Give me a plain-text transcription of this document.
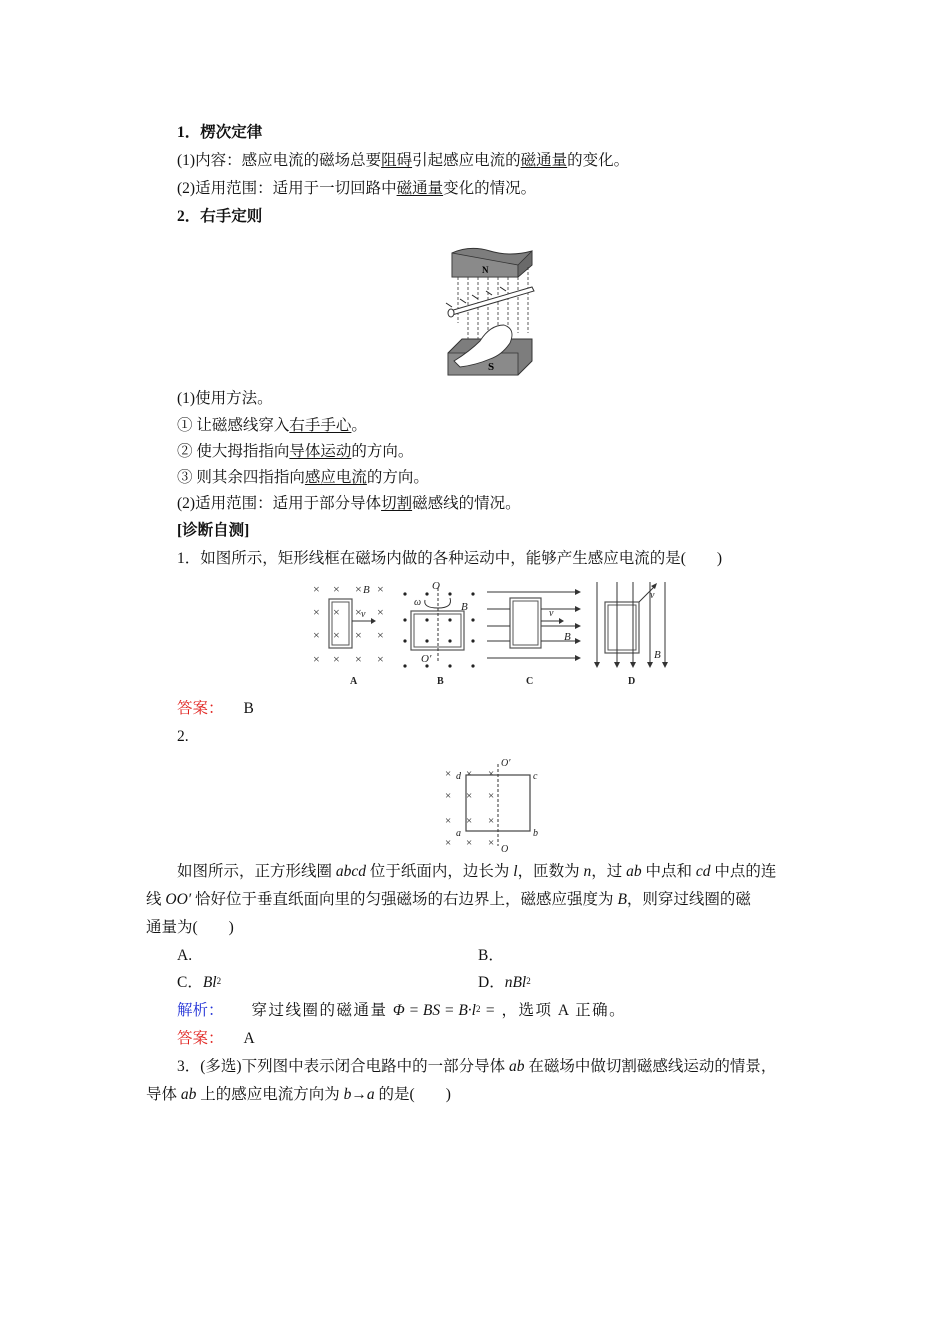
1．楞次定律
(1)内容：感应电流的磁场总要阻碍引起感应电流的磁通量的变化。
(2)适用范围：适用于一切回路中磁通量变化的情况。
2．右手定则
N
S
(1)使用方法。
① 让磁感线穿入右手手心。
② 使大拇指指向导体运动的方向。
③ 则其余四指指向感应电流的方向。
(2)适用范围：适用于部分导体切割磁感线的情况。
[诊断自测]
1．如图所示，矩形线框在磁场内做的各种运动中，能够产生感应电流的是(　　)
× × × ×
× × × ×
× × × ×
× × × ×
B
v
A
O
ω	B
O′
B
v
B
C
v
B
D
答案： B
2.
× × ×
× × ×
× × ×
× × ×
d	c
a	b
O′
O
如图所示，正方形线圈 abcd 位于纸面内，边长为 l，匝数为 n，过 ab 中点和 cd 中点的连
线 OO′ 恰好位于垂直纸面向里的匀强磁场的右边界上，磁感应强度为 B，则穿过线圈的磁
通量为(　　)
A.	B．
C．Bl$^2$	D．nBl$^2$
解析： 穿过线圈的磁通量 Φ = BS = $B\cdot l^2$ = ，选项 A 正确。
答案： A
3．(多选)下列图中表示闭合电路中的一部分导体 ab 在磁场中做切割磁感线运动的情景，
导体 ab 上的感应电流方向为 b→a 的是(　　)
